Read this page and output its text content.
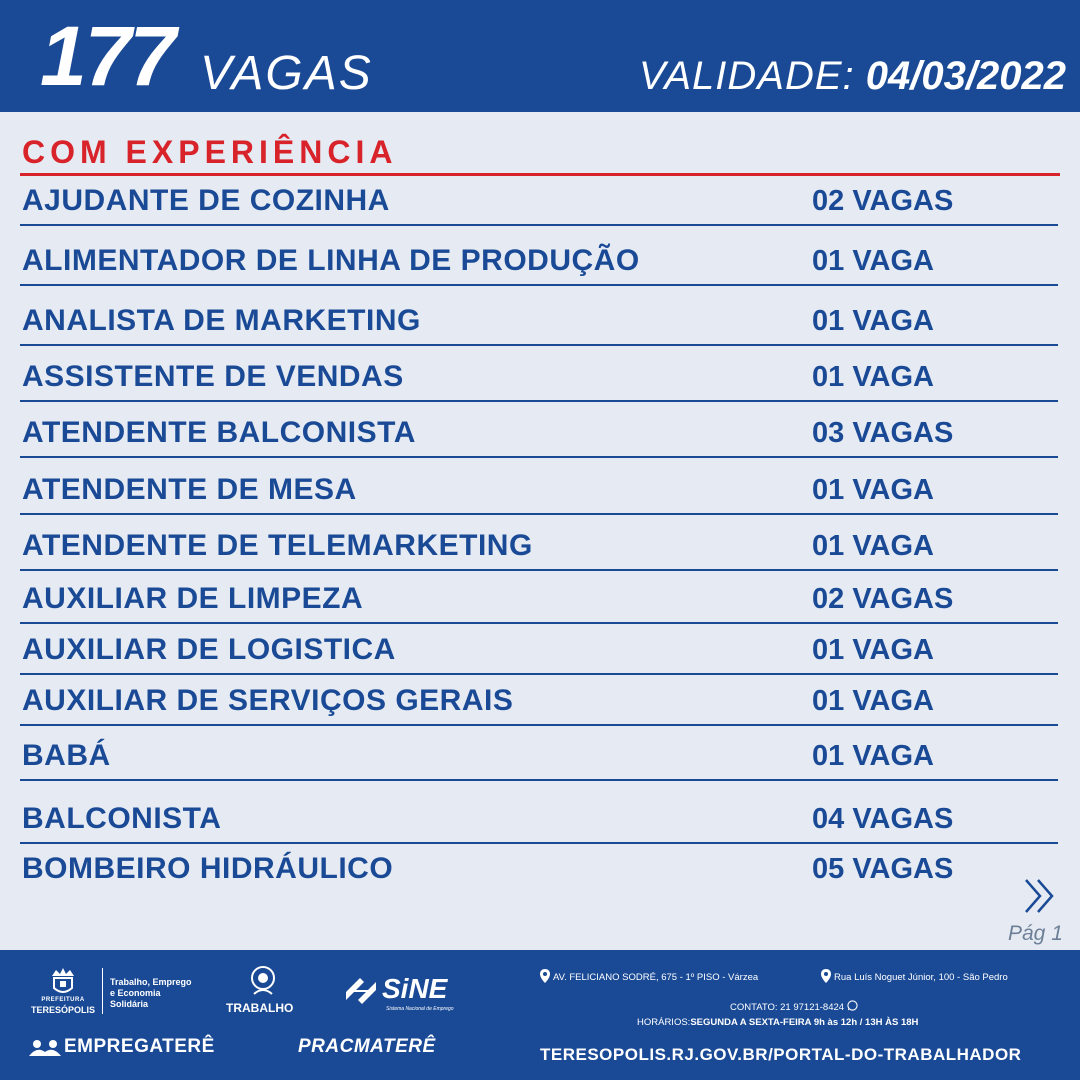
177 VAGAS	VALIDADE: 04/03/2022
COM EXPERIÊNCIA
AJUDANTE DE COZINHA	02 VAGAS
ALIMENTADOR DE LINHA DE PRODUÇÃO	01 VAGA
ANALISTA DE MARKETING	01 VAGA
ASSISTENTE DE VENDAS	01 VAGA
ATENDENTE BALCONISTA	03 VAGAS
ATENDENTE DE MESA	01 VAGA
ATENDENTE DE TELEMARKETING	01 VAGA
AUXILIAR DE LIMPEZA	02 VAGAS
AUXILIAR DE LOGISTICA	01 VAGA
AUXILIAR DE SERVIÇOS GERAIS	01 VAGA
BABÁ	01 VAGA
BALCONISTA	04 VAGAS
BOMBEIRO HIDRÁULICO	05 VAGAS
Pág 1
PREFEITURA
TERESÓPOLIS
Trabalho, Emprego
e Economia
Solidária	TRABALHO
SiNE
Sistema Nacional de Emprego
EMPREGATERÊ	PRACMATERÊ
AV. FELICIANO SODRÉ, 675 - 1º PISO - Várzea	Rua Luís Noguet Júnior, 100 - São Pedro
CONTATO: 21 97121-8424
HORÁRIOS:SEGUNDA A SEXTA-FEIRA 9h às 12h / 13H ÀS 18H
TERESOPOLIS.RJ.GOV.BR/PORTAL-DO-TRABALHADOR
